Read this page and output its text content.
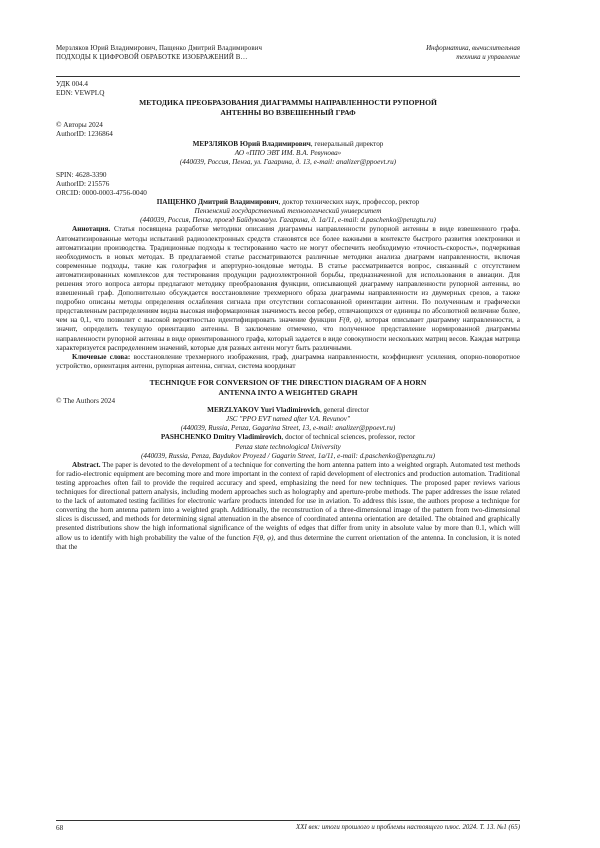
Мерзляков Юрий Владимирович, Пащенко Дмитрий Владимирович
ПОДХОДЫ К ЦИФРОВОЙ ОБРАБОТКЕ ИЗОБРАЖЕНИЙ В…
Информатика, вычислительная
техника и управление

УДК 004.4

EDN: VEWPLQ

МЕТОДИКА ПРЕОБРАЗОВАНИЯ ДИАГРАММЫ НАПРАВЛЕННОСТИ РУПОРНОЙ

АНТЕННЫ ВО ВЗВЕШЕННЫЙ ГРАФ

© Авторы 2024

AuthorID: 1236864

МЕРЗЛЯКОВ Юрий Владимирович, генеральный директор

АО «ППО ЭВТ ИМ. В.А. Ревунова»

(440039, Россия, Пенза, ул. Гагарина, д. 13, e-mail: analizer@ppoevt.ru)

SPIN: 4628-3390

AuthorID: 215576

ORCID: 0000-0003-4756-0040

ПАЩЕНКО Дмитрий Владимирович, доктор технических наук, профессор, ректор

Пензенский государственный технологический университет

(440039, Россия, Пенза, проезд Байдукова/ул. Гагарина, д. 1а/11, e-mail: d.paschenko@penzgtu.ru)

Аннотация. Статья посвящена разработке методики описания диаграммы направленности рупорной антенны в виде взвешенного графа. Автоматизированные методы испытаний радиоэлектронных средств становятся все более важными в контексте быстрого развития электроники и автоматизации производства. Традиционные подходы к тестированию часто не могут обеспечить необходимую «точность-скорость», подчеркивая необходимость в новых методах. В предлагаемой статье рассматриваются различные методики анализа диаграмм направленности, включая современные подходы, такие как голография и апертурно-зондовые методы. В статье рассматривается вопрос, связанный с отсутствием автоматизированных комплексов для тестирования продукции радиоэлектронной борьбы, предназначенной для использования в авиации. Для решения этого вопроса авторы предлагают методику преобразования функции, описывающей диаграмму направленности рупорной антенны, во взвешенный граф. Дополнительно обсуждается восстановление трехмерного образа диаграммы направленности из двумерных срезов, а также подробно описаны методы определения ослабления сигнала при отсутствии согласованной ориентации антенн. По полученным и графически представленным распределениям видна высокая информационная значимость весов ребер, отличающихся от единицы по абсолютной величине более, чем на 0,1, что позволит с высокой вероятностью идентифицировать значение функции F(θ, φ), которая описывает диаграмму направленности, а значит, определить текущую ориентацию антенны. В заключение отмечено, что полученное представление нормированной диаграммы направленности рупорной антенны в виде ориентированного графа, который задается в виде совокупности нескольких матриц весов. Каждая матрица характеризуется распределением значений, которые для разных антенн могут быть различными.

Ключевые слова: восстановление трехмерного изображения, граф, диаграмма направленности, коэффициент усиления, опорно-поворотное устройство, ориентация антенн, рупорная антенна, сигнал, система координат

TECHNIQUE FOR CONVERSION OF THE DIRECTION DIAGRAM OF A HORN

ANTENNA INTO A WEIGHTED GRAPH

© The Authors 2024

MERZLYAKOV Yuri Vladimirovich, general director

JSC "PPO EVT named after V.A. Revunov"

(440039, Russia, Penza, Gagarina Street, 13, e-mail: analizer@ppoevt.ru)

PASHCHENKO Dmitry Vladimirovich, doctor of technical sciences, professor, rector

Penza state technological University

(440039, Russia, Penza, Baydukov Proyezd / Gagarin Street, 1a/11, e-mail: d.paschenko@penzgtu.ru)

Abstract. The paper is devoted to the development of a technique for converting the horn antenna pattern into a weighted orgraph. Automated test methods for radio-electronic equipment are becoming more and more important in the context of rapid development of electronics and production automation. Traditional testing approaches often fail to provide the required accuracy and speed, emphasizing the need for new techniques. The proposed paper reviews various techniques for directional pattern analysis, including modern approaches such as holography and aperture-probe methods. The paper addresses the issue related to the lack of automated testing facilities for electronic warfare products intended for use in aviation. To address this issue, the authors propose a technique for converting the horn antenna pattern into a weighted graph. Additionally, the reconstruction of a three-dimensional image of the pattern from two-dimensional slices is discussed, and methods for determining signal attenuation in the absence of coordinated antenna orientation are detailed. The obtained and graphically presented distributions show the high informational significance of the weights of edges that differ from unity in absolute value by more than 0.1, which will allow us to identify with high probability the value of the function F(θ, φ), and thus determine the current orientation of the antenna. In conclusion, it is noted that the

68	XXI век: итоги прошлого и проблемы настоящего плюс. 2024. Т. 13. №1 (65)
